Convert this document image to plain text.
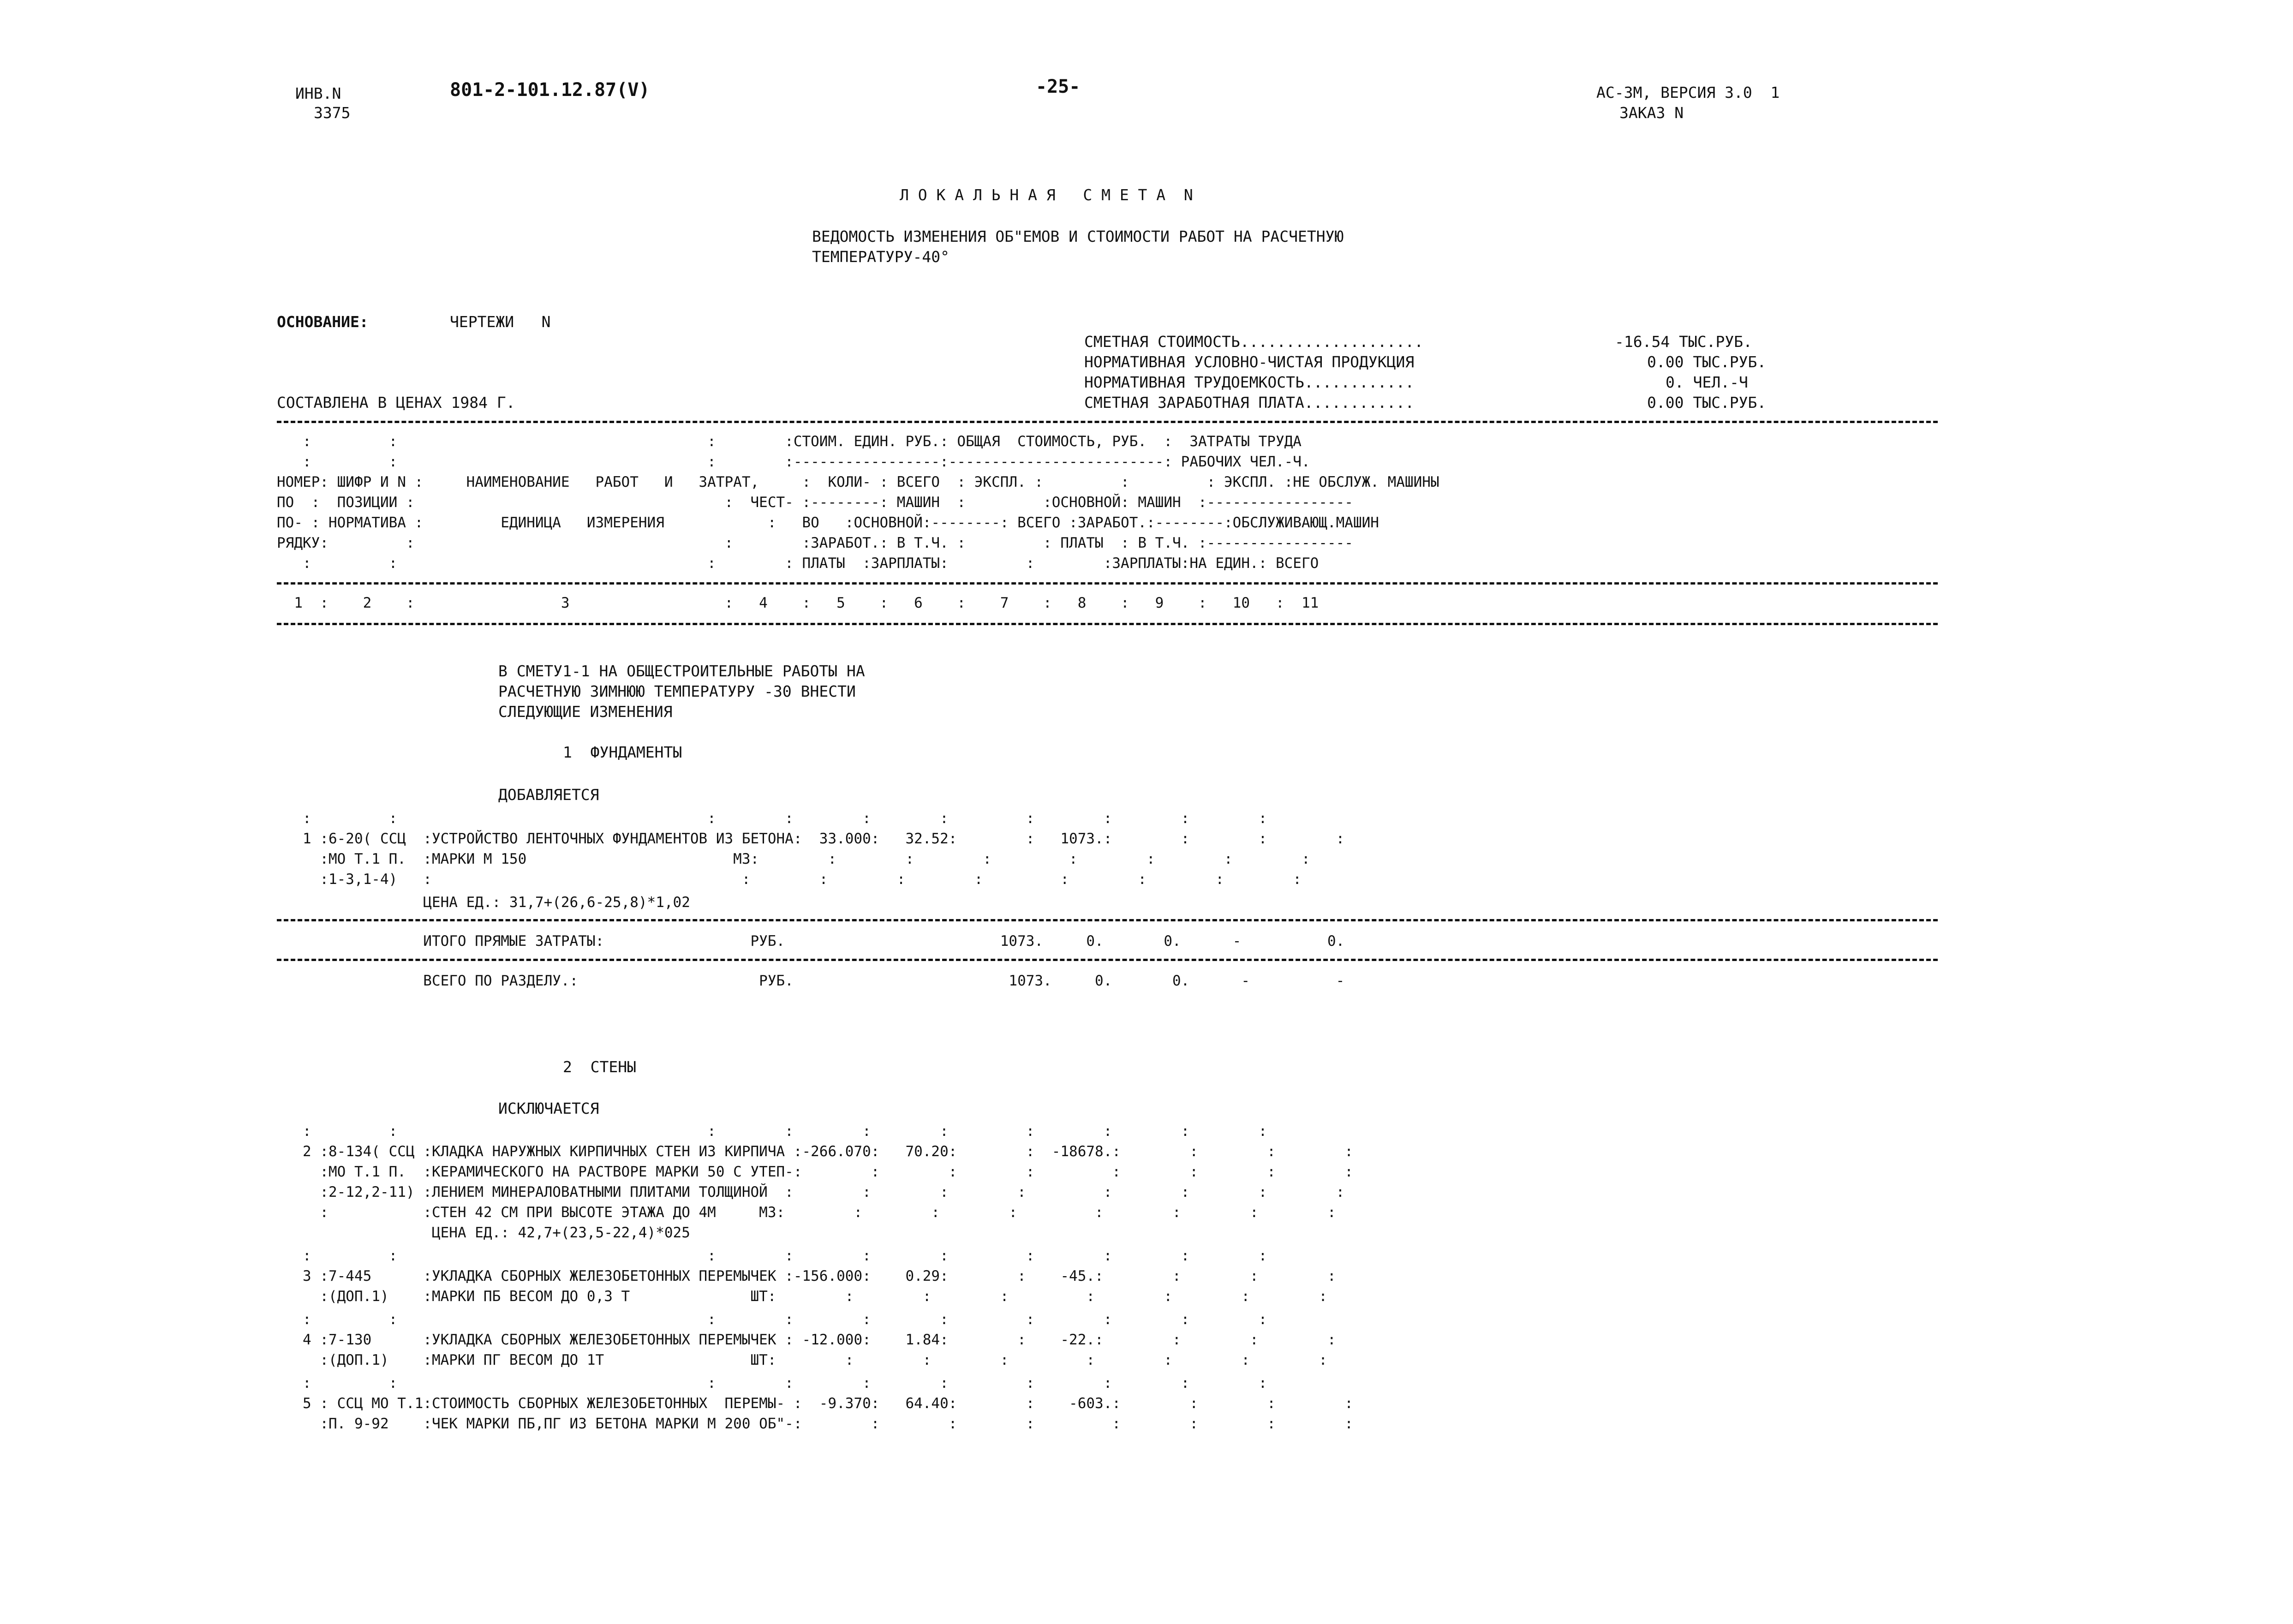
ИНВ.N
3375
801-2-101.12.87(V)	-25-	АС-3М, ВЕРСИЯ 3.0  1
ЗАКАЗ N
Л О К А Л Ь Н А Я   С М Е Т А  N
ВЕДОМОСТЬ ИЗМЕНЕНИЯ ОБ"ЕМОВ И СТОИМОСТИ РАБОТ НА РАСЧЕТНУЮ
ТЕМПЕРАТУРУ-40°
ОСНОВАНИЕ:	ЧЕРТЕЖИ   N
СОСТАВЛЕНА В ЦЕНАХ 1984 Г.
СМЕТНАЯ СТОИМОСТЬ....................	-16.54 ТЫС.РУБ.
НОРМАТИВНАЯ УСЛОВНО-ЧИСТАЯ ПРОДУКЦИЯ	0.00 ТЫС.РУБ.
НОРМАТИВНАЯ ТРУДОЕМКОСТЬ............	0. ЧЕЛ.-Ч
СМЕТНАЯ ЗАРАБОТНАЯ ПЛАТА............	0.00 ТЫС.РУБ.
:         :                                    :        :СТОИМ. ЕДИН. РУБ.: ОБЩАЯ  СТОИМОСТЬ, РУБ.  :  ЗАТРАТЫ ТРУДА
:         :                                    :        :-----------------:-------------------------: РАБОЧИХ ЧЕЛ.-Ч.
НОМЕР: ШИФР И N :     НАИМЕНОВАНИЕ   РАБОТ   И   ЗАТРАТ,     :  КОЛИ- : ВСЕГО  : ЭКСПЛ. :         :         : ЭКСПЛ. :НЕ ОБСЛУЖ. МАШИНЫ
ПО  :  ПОЗИЦИИ :                                    :  ЧЕСТ- :--------: МАШИН  :         :ОСНОВНОЙ: МАШИН  :-----------------
ПО- : НОРМАТИВА :         ЕДИНИЦА   ИЗМЕРЕНИЯ            :   ВО   :ОСНОВНОЙ:--------: ВСЕГО :ЗАРАБОТ.:--------:ОБСЛУЖИВАЮЩ.МАШИН
РЯДКУ:         :                                    :        :ЗАРАБОТ.: В Т.Ч. :         : ПЛАТЫ  : В Т.Ч. :-----------------
:         :                                    :        : ПЛАТЫ  :ЗАРПЛАТЫ:         :        :ЗАРПЛАТЫ:НА ЕДИН.: ВСЕГО
1  :    2    :                 3                  :   4    :   5    :   6    :    7    :   8    :   9    :   10   :  11
В СМЕТУ1-1 НА ОБЩЕСТРОИТЕЛЬНЫЕ РАБОТЫ НА
РАСЧЕТНУЮ ЗИМНЮЮ ТЕМПЕРАТУРУ -30 ВНЕСТИ
СЛЕДУЮЩИЕ ИЗМЕНЕНИЯ
1  ФУНДАМЕНТЫ
ДОБАВЛЯЕТСЯ
:         :                                    :        :        :        :         :        :        :        :
1 :6-20( ССЦ  :УСТРОЙСТВО ЛЕНТОЧНЫХ ФУНДАМЕНТОВ ИЗ БЕТОНА:  33.000:   32.52:        :   1073.:        :        :        :
:МО Т.1 П.  :МАРКИ М 150                        М3:        :        :        :         :        :        :        :
:1-3,1-4)   :                                    :        :        :        :         :        :        :        :
ЦЕНА ЕД.: 31,7+(26,6-25,8)*1,02
ИТОГО ПРЯМЫЕ ЗАТРАТЫ:                 РУБ.                         1073.     0.       0.      -          0.
ВСЕГО ПО РАЗДЕЛУ.:                     РУБ.                         1073.     0.       0.      -          -
2  СТЕНЫ
ИСКЛЮЧАЕТСЯ
:         :                                    :        :        :        :         :        :        :        :
2 :8-134( ССЦ :КЛАДКА НАРУЖНЫХ КИРПИЧНЫХ СТЕН ИЗ КИРПИЧА :-266.070:   70.20:        :  -18678.:        :        :        :
:МО Т.1 П.  :КЕРАМИЧЕСКОГО НА РАСТВОРЕ МАРКИ 50 С УТЕП-:        :        :        :         :        :        :        :
:2-12,2-11) :ЛЕНИЕМ МИНЕРАЛОВАТНЫМИ ПЛИТАМИ ТОЛЩИНОЙ  :        :        :        :         :        :        :        :
:           :СТЕН 42 СМ ПРИ ВЫСОТЕ ЭТАЖА ДО 4М     М3:        :        :        :         :        :        :        :
ЦЕНА ЕД.: 42,7+(23,5-22,4)*025
:         :                                    :        :        :        :         :        :        :        :
3 :7-445      :УКЛАДКА СБОРНЫХ ЖЕЛЕЗОБЕТОННЫХ ПЕРЕМЫЧЕК :-156.000:    0.29:        :    -45.:        :        :        :
:(ДОП.1)    :МАРКИ ПБ ВЕСОМ ДО 0,3 Т              ШТ:        :        :        :         :        :        :        :
:         :                                    :        :        :        :         :        :        :        :
4 :7-130      :УКЛАДКА СБОРНЫХ ЖЕЛЕЗОБЕТОННЫХ ПЕРЕМЫЧЕК : -12.000:    1.84:        :    -22.:        :        :        :
:(ДОП.1)    :МАРКИ ПГ ВЕСОМ ДО 1Т                 ШТ:        :        :        :         :        :        :        :
:         :                                    :        :        :        :         :        :        :        :
5 : ССЦ МО Т.1:СТОИМОСТЬ СБОРНЫХ ЖЕЛЕЗОБЕТОННЫХ  ПЕРЕМЫ- :  -9.370:   64.40:        :    -603.:        :        :        :
:П. 9-92    :ЧЕК МАРКИ ПБ,ПГ ИЗ БЕТОНА МАРКИ М 200 ОБ"-:        :        :        :         :        :        :        :
